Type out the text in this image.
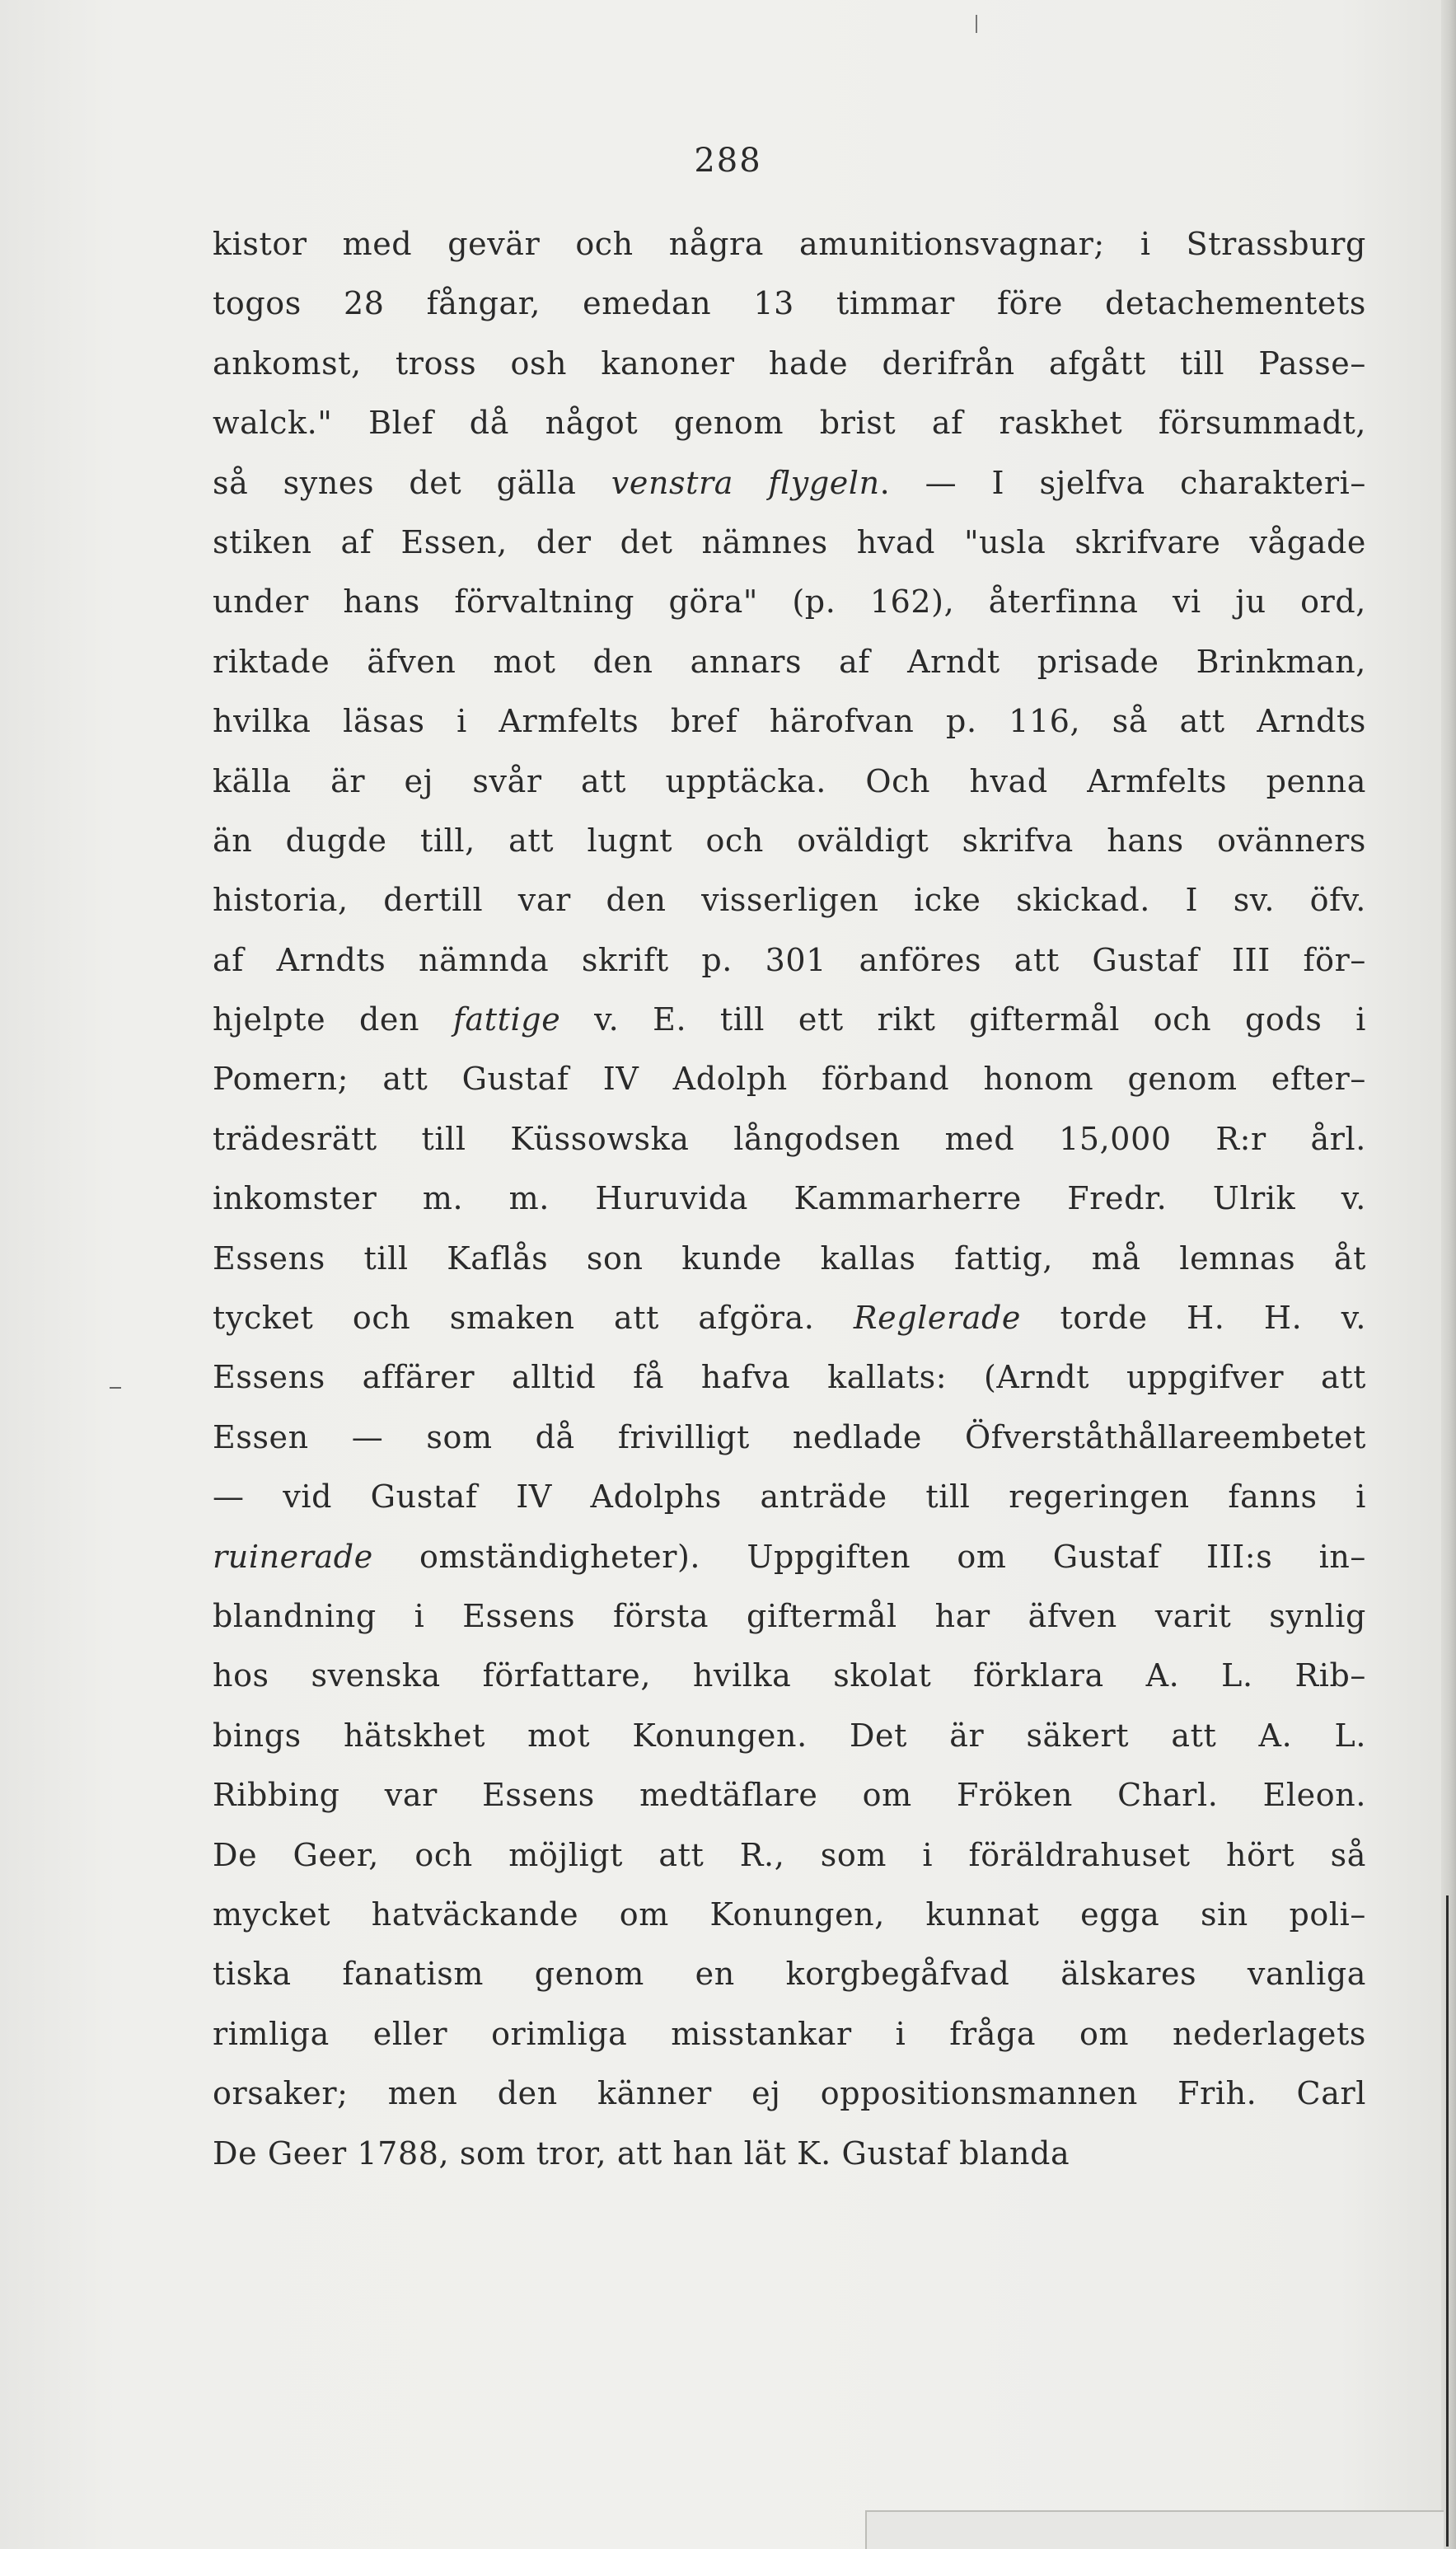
288
kistor med gevär och några amunitionsvagnar; i Strassburg
togos 28 fångar, emedan 13 timmar före detachementets
ankomst, tross osh kanoner hade derifrån afgått till Passe–
walck." Blef då något genom brist af raskhet försummadt,
så synes det gälla venstra flygeln. — I sjelfva charakteri–
stiken af Essen, der det nämnes hvad "usla skrifvare vågade
under hans förvaltning göra" (p. 162), återfinna vi ju ord,
riktade äfven mot den annars af Arndt prisade Brinkman,
hvilka läsas i Armfelts bref härofvan p. 116, så att Arndts
källa är ej svår att upptäcka. Och hvad Armfelts penna
än dugde till, att lugnt och oväldigt skrifva hans ovänners
historia, dertill var den visserligen icke skickad. I sv. öfv.
af Arndts nämnda skrift p. 301 anföres att Gustaf III för–
hjelpte den fattige v. E. till ett rikt giftermål och gods i
Pomern; att Gustaf IV Adolph förband honom genom efter–
trädesrätt till Küssowska långodsen med 15,000 R:r årl.
inkomster m. m. Huruvida Kammarherre Fredr. Ulrik v.
Essens till Kaflås son kunde kallas fattig, må lemnas åt
tycket och smaken att afgöra. Reglerade torde H. H. v.
Essens affärer alltid få hafva kallats: (Arndt uppgifver att
Essen — som då frivilligt nedlade Öfverståthållareembetet
— vid Gustaf IV Adolphs anträde till regeringen fanns i
ruinerade omständigheter). Uppgiften om Gustaf III:s in–
blandning i Essens första giftermål har äfven varit synlig
hos svenska författare, hvilka skolat förklara A. L. Rib–
bings hätskhet mot Konungen. Det är säkert att A. L.
Ribbing var Essens medtäflare om Fröken Charl. Eleon.
De Geer, och möjligt att R., som i föräldrahuset hört så
mycket hatväckande om Konungen, kunnat egga sin poli–
tiska fanatism genom en korgbegåfvad älskares vanliga
rimliga eller orimliga misstankar i fråga om nederlagets
orsaker; men den känner ej oppositionsmannen Frih. Carl
De Geer 1788, som tror, att han lät K. Gustaf blanda
